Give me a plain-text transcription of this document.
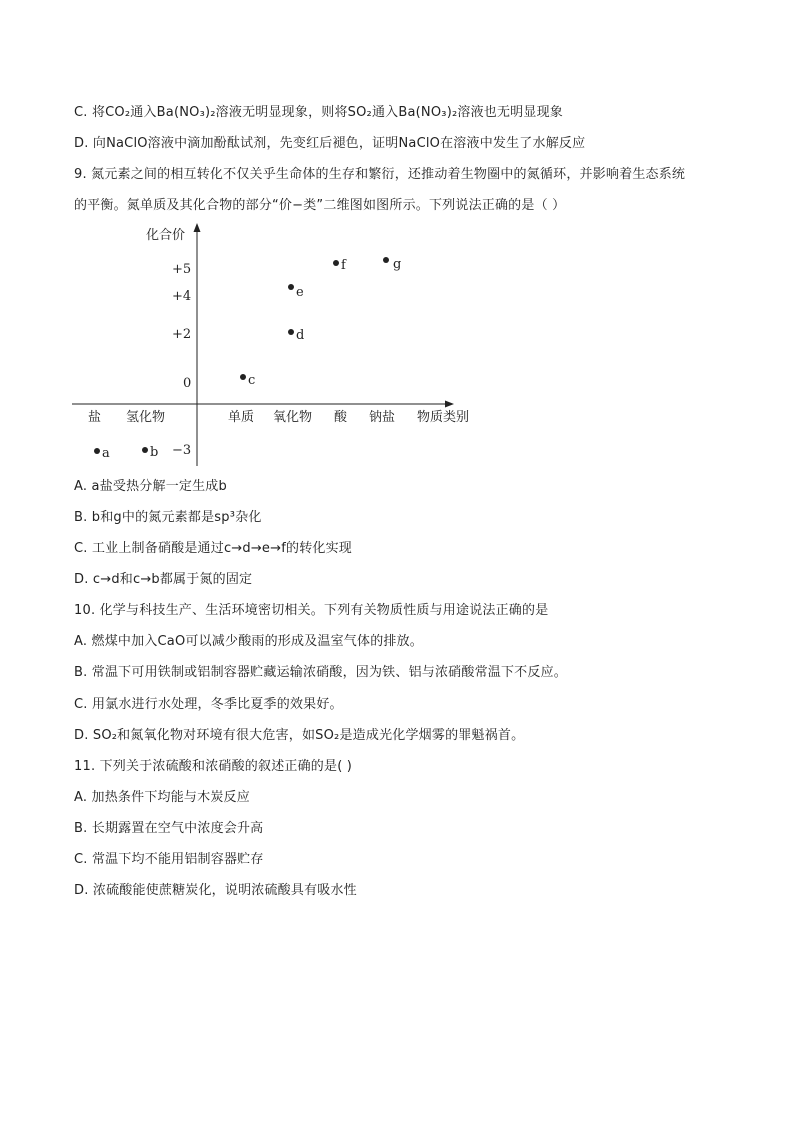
C. 将CO₂通入Ba(NO₃)₂溶液无明显现象，则将SO₂通入Ba(NO₃)₂溶液也无明显现象
D. 向NaClO溶液中滴加酚酞试剂，先变红后褪色，证明NaClO在溶液中发生了水解反应
9. 氮元素之间的相互转化不仅关乎生命体的生存和繁衍，还推动着生物圈中的氮循环，并影响着生态系统
的平衡。氮单质及其化合物的部分“价−类”二维图如图所示。下列说法正确的是（ ）
化合价
+5
+4
+2
0
−3
盐 氢化物	单质 氧化物 酸 钠盐 物质类别
a	b
c
d
e
f	g
A. a盐受热分解一定生成b
B. b和g中的氮元素都是sp³杂化
C. 工业上制备硝酸是通过c→d→e→f的转化实现
D. c→d和c→b都属于氮的固定
10. 化学与科技生产、生活环境密切相关。下列有关物质性质与用途说法正确的是
A. 燃煤中加入CaO可以减少酸雨的形成及温室气体的排放。
B. 常温下可用铁制或铝制容器贮藏运输浓硝酸，因为铁、铝与浓硝酸常温下不反应。
C. 用氯水进行水处理，冬季比夏季的效果好。
D. SO₂和氮氧化物对环境有很大危害，如SO₂是造成光化学烟雾的罪魁祸首。
11. 下列关于浓硫酸和浓硝酸的叙述正确的是( )
A. 加热条件下均能与木炭反应
B. 长期露置在空气中浓度会升高
C. 常温下均不能用铝制容器贮存
D. 浓硫酸能使蔗糖炭化，说明浓硫酸具有吸水性
